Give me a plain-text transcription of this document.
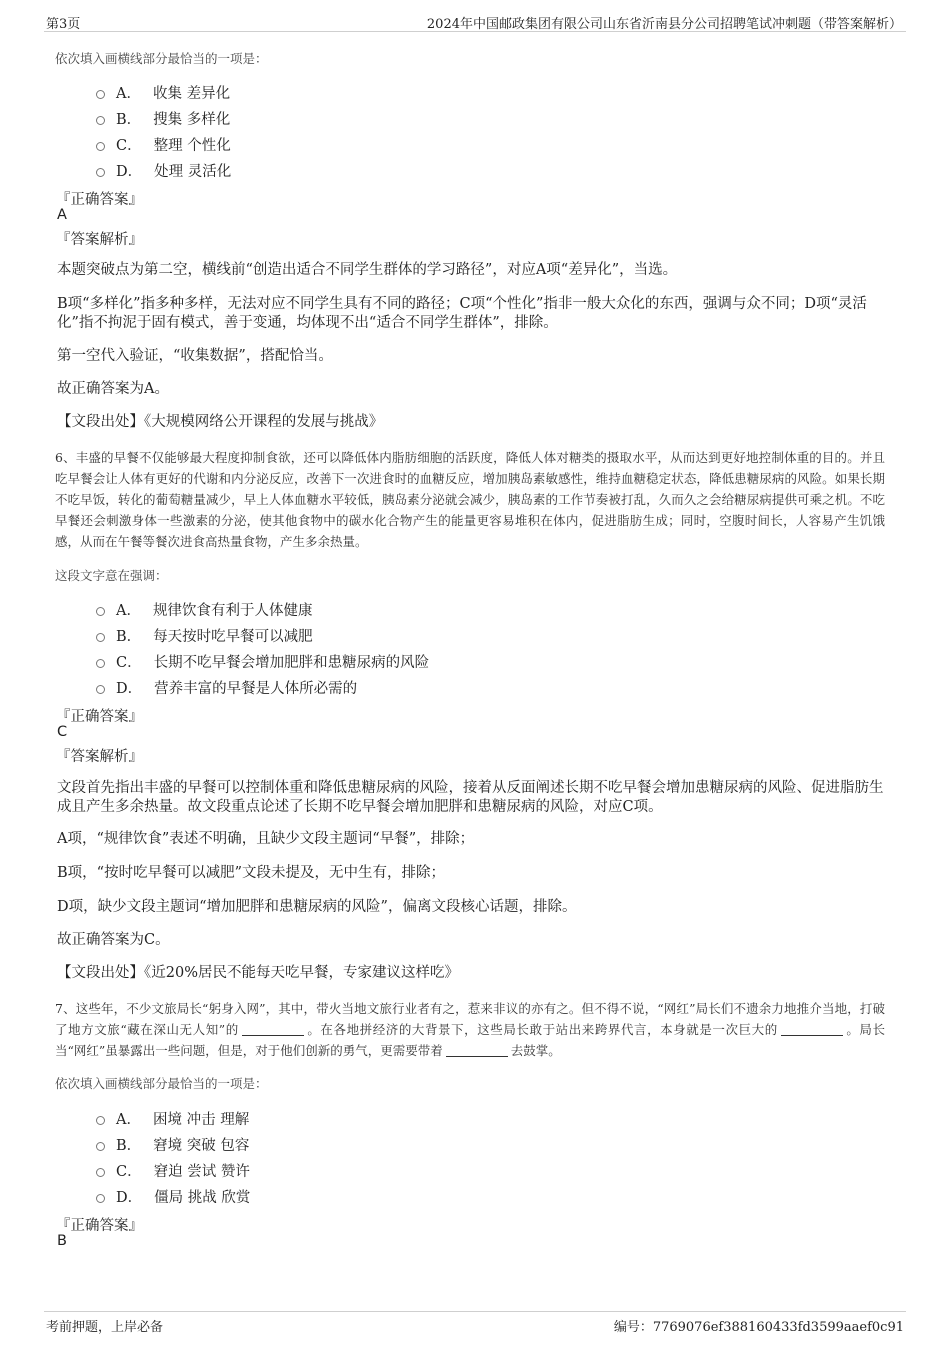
第3页	2024年中国邮政集团有限公司山东省沂南县分公司招聘笔试冲刺题（带答案解析）
依次填入画横线部分最恰当的一项是：
A． 收集 差异化
B． 搜集 多样化
C． 整理 个性化
D． 处理 灵活化
『正确答案』
A
『答案解析』
本题突破点为第二空，横线前“创造出适合不同学生群体的学习路径”，对应A项“差异化”，当选。
B项“多样化”指多种多样，无法对应不同学生具有不同的路径；C项“个性化”指非一般大众化的东西，强调与众不同；D项“灵活化”指不拘泥于固有模式，善于变通，均体现不出“适合不同学生群体”，排除。
第一空代入验证，“收集数据”，搭配恰当。
故正确答案为A。
【文段出处】《大规模网络公开课程的发展与挑战》
6、丰盛的早餐不仅能够最大程度抑制食欲，还可以降低体内脂肪细胞的活跃度，降低人体对糖类的摄取水平，从而达到更好地控制体重的目的。并且吃早餐会让人体有更好的代谢和内分泌反应，改善下一次进食时的血糖反应，增加胰岛素敏感性，维持血糖稳定状态，降低患糖尿病的风险。如果长期不吃早饭，转化的葡萄糖量减少，早上人体血糖水平较低，胰岛素分泌就会减少，胰岛素的工作节奏被打乱，久而久之会给糖尿病提供可乘之机。不吃早餐还会刺激身体一些激素的分泌，使其他食物中的碳水化合物产生的能量更容易堆积在体内，促进脂肪生成；同时，空腹时间长，人容易产生饥饿感，从而在午餐等餐次进食高热量食物，产生多余热量。
这段文字意在强调：
A． 规律饮食有利于人体健康
B． 每天按时吃早餐可以减肥
C． 长期不吃早餐会增加肥胖和患糖尿病的风险
D． 营养丰富的早餐是人体所必需的
『正确答案』
C
『答案解析』
文段首先指出丰盛的早餐可以控制体重和降低患糖尿病的风险，接着从反面阐述长期不吃早餐会增加患糖尿病的风险、促进脂肪生成且产生多余热量。故文段重点论述了长期不吃早餐会增加肥胖和患糖尿病的风险，对应C项。
A项，“规律饮食”表述不明确，且缺少文段主题词“早餐”，排除；
B项，“按时吃早餐可以减肥”文段未提及，无中生有，排除；
D项，缺少文段主题词“增加肥胖和患糖尿病的风险”，偏离文段核心话题，排除。
故正确答案为C。
【文段出处】《近20%居民不能每天吃早餐，专家建议这样吃》
7、这些年，不少文旅局长“躬身入网”，其中，带火当地文旅行业者有之，惹来非议的亦有之。但不得不说，“网红”局长们不遗余力地推介当地，打破了地方文旅“藏在深山无人知”的	。在各地拼经济的大背景下，这些局长敢于站出来跨界代言，本身就是一次巨大的	。局长当“网红”虽暴露出一些问题，但是，对于他们创新的勇气，更需要带着	去鼓掌。
依次填入画横线部分最恰当的一项是：
A． 困境 冲击 理解
B． 窘境 突破 包容
C． 窘迫 尝试 赞许
D． 僵局 挑战 欣赏
『正确答案』
B
考前押题，上岸必备	编号：7769076ef388160433fd3599aaef0c91
